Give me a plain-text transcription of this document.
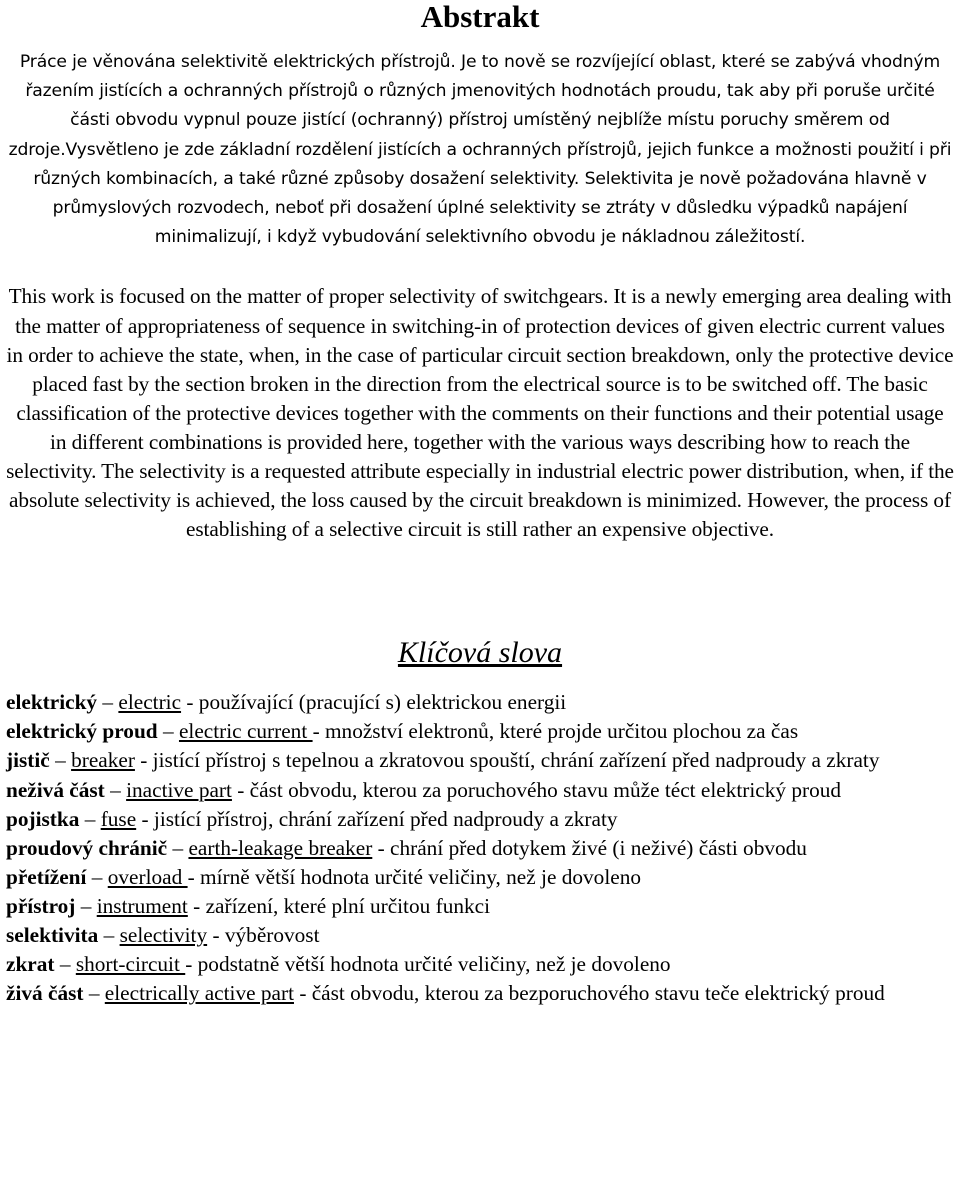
Abstrakt

Práce je věnována selektivitě elektrických přístrojů. Je to nově se rozvíjející oblast, které se zabývá vhodným řazením jistících a ochranných přístrojů o různých jmenovitých hodnotách proudu, tak aby při poruše určité části obvodu vypnul pouze jistící (ochranný) přístroj umístěný nejblíže místu poruchy směrem od zdroje.Vysvětleno je zde základní rozdělení jistících a ochranných přístrojů, jejich funkce a možnosti použití i při různých kombinacích, a také různé způsoby dosažení selektivity. Selektivita je nově požadována hlavně v průmyslových rozvodech, neboť při dosažení úplné selektivity se ztráty v důsledku výpadků napájení minimalizují, i když vybudování selektivního obvodu je nákladnou záležitostí.

This work is focused on the matter of proper selectivity of switchgears. It is a newly emerging area dealing with the matter of appropriateness of sequence in switching-in of protection devices of given electric current values in order to achieve the state, when, in the case of particular circuit section breakdown, only the protective device placed fast by the section broken in the direction from the electrical source is to be switched off. The basic classification of the protective devices together with the comments on their functions and their potential usage in different combinations is provided here, together with the various ways describing how to reach the selectivity. The selectivity is a requested attribute especially in industrial electric power distribution, when, if the absolute selectivity is achieved, the loss caused by the circuit breakdown is minimized. However, the process of establishing of a selective circuit is still rather an expensive objective.

Klíčová slova
elektrický – electric - používající (pracující s) elektrickou energii
elektrický proud – electric current - množství elektronů, které projde určitou plochou za čas
jistič – breaker - jistící přístroj s tepelnou a zkratovou spouští, chrání zařízení před nadproudy a zkraty
neživá část – inactive part - část obvodu, kterou za poruchového stavu může téct elektrický proud
pojistka – fuse - jistící přístroj, chrání zařízení před nadproudy a zkraty
proudový chránič – earth-leakage breaker - chrání před dotykem živé (i neživé) části obvodu
přetížení – overload - mírně větší hodnota určité veličiny, než je dovoleno
přístroj – instrument - zařízení, které plní určitou funkci
selektivita – selectivity - výběrovost
zkrat – short-circuit - podstatně větší hodnota určité veličiny, než je dovoleno
živá část – electrically active part - část obvodu, kterou za bezporuchového stavu teče elektrický proud
